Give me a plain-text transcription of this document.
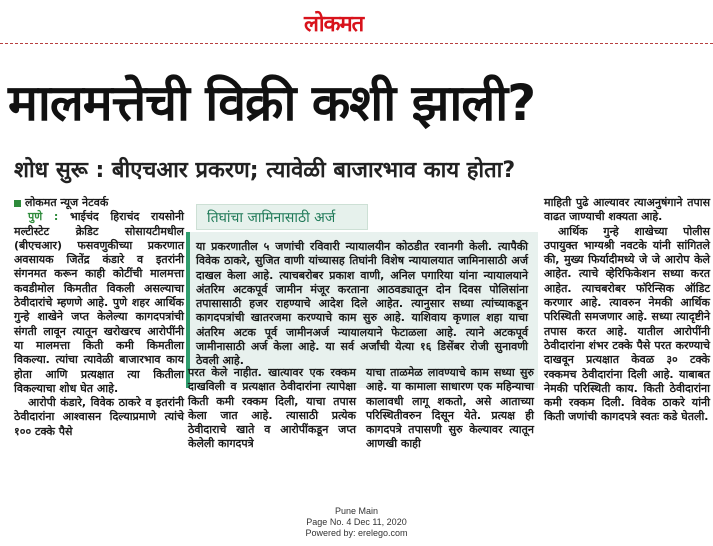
लोकमत
मालमत्तेची विक्री कशी झाली?
शोध सुरू : बीएचआर प्रकरण; त्यावेळी बाजारभाव काय होता?
लोकमत न्यूज नेटवर्क

पुणे : भाईचंद हिराचंद रायसोनी मल्टीस्टेट क्रेडिट सोसायटीमधील (बीएचआर) फसवणुकीच्या प्रकरणात अवसायक जितेंद्र कंडारे व इतरांनी संगनमत करून काही कोटींची मालमत्ता कवडीमोल किमतीत विकली असल्याचा ठेवीदारांचे म्हणणे आहे. पुणे शहर आर्थिक गुन्हे शाखेने जप्त केलेल्या कागदपत्रांची संगती लावून त्यातून खरोखरच आरोपींनी या मालमत्ता किती कमी किमतीला विकल्या. त्यांचा त्यावेळी बाजारभाव काय होता आणि प्रत्यक्षात त्या कितीला विकल्याचा शोध घेत आहे.

आरोपी कंडारे, विवेक ठाकरे व इतरांनी ठेवीदारांना आश्वासन दिल्याप्रमाणे त्यांचे १०० टक्के पैसे

तिघांचा जामिनासाठी अर्ज
या प्रकरणातील ५ जणांची रविवारी न्यायालयीन कोठडीत रवानगी केली. त्यापैकी विवेक ठाकरे, सुजित वाणी यांच्यासह तिघांनी विशेष न्यायालयात जामिनासाठी अर्ज दाखल केला आहे. त्याचबरोबर प्रकाश वाणी, अनिल पगारिया यांना न्यायालयाने अंतरिम अटकपूर्व जामीन मंजूर करताना आठवड्यातून दोन दिवस पोलिसांना तपासासाठी हजर राहण्याचे आदेश दिले आहेत. त्यानुसार सध्या त्यांच्याकडून कागदपत्रांची खातरजमा करण्याचे काम सुरु आहे. याशिवाय कृणाल शहा याचा अंतरिम अटक पूर्व जामीनअर्ज न्यायालयाने फेटाळला आहे. त्याने अटकपूर्व जामीनासाठी अर्ज केला आहे. या सर्व अर्जांची येत्या १६ डिसेंबर रोजी सुनावणी ठेवली आहे.

परत केले नाहीत. खात्यावर एक रक्कम दाखविली व प्रत्यक्षात ठेवीदारांना त्यापेक्षा किती कमी रक्कम दिली, याचा तपास केला जात आहे. त्यासाठी प्रत्येक ठेवीदाराचे खाते व आरोपींकडून जप्त केलेली कागदपत्रे

याचा ताळमेळ लावण्याचे काम सध्या सुरु आहे. या कामाला साधारण एक महिन्याचा कालावधी लागू शकतो, असे आताच्या परिस्थितीवरुन दिसून येते. प्रत्यक्ष ही कागदपत्रे तपासणी सुरु केल्यावर त्यातून आणखी काही

माहिती पुढे आल्यावर त्याअनुषंगाने तपास वाढत जाण्याची शक्यता आहे.

आर्थिक गुन्हे शाखेच्या पोलीस उपायुक्त भाग्यश्री नवटके यांनी सांगितले की, मुख्य फिर्यादीमध्ये जे जे आरोप केले आहेत. त्याचे व्हेरिफिकेशन सध्या करत आहेत. त्याचबरोबर फॉरेन्सिक ऑडिट करणार आहे. त्यावरुन नेमकी आर्थिक परिस्थिती समजणार आहे. सध्या त्यादृष्टीने तपास करत आहे. यातील आरोपींनी ठेवीदारांना शंभर टक्के पैसे परत करण्याचे दाखवून प्रत्यक्षात केवळ ३० टक्के रक्कमच ठेवीदारांना दिली आहे. याबाबत नेमकी परिस्थिती काय. किती ठेवीदारांना कमी रक्कम दिली. विवेक ठाकरे यांनी किती जणांची कागदपत्रे स्वतः कडे घेतली.

Pune Main
Page No. 4 Dec 11, 2020
Powered by: erelego.com
